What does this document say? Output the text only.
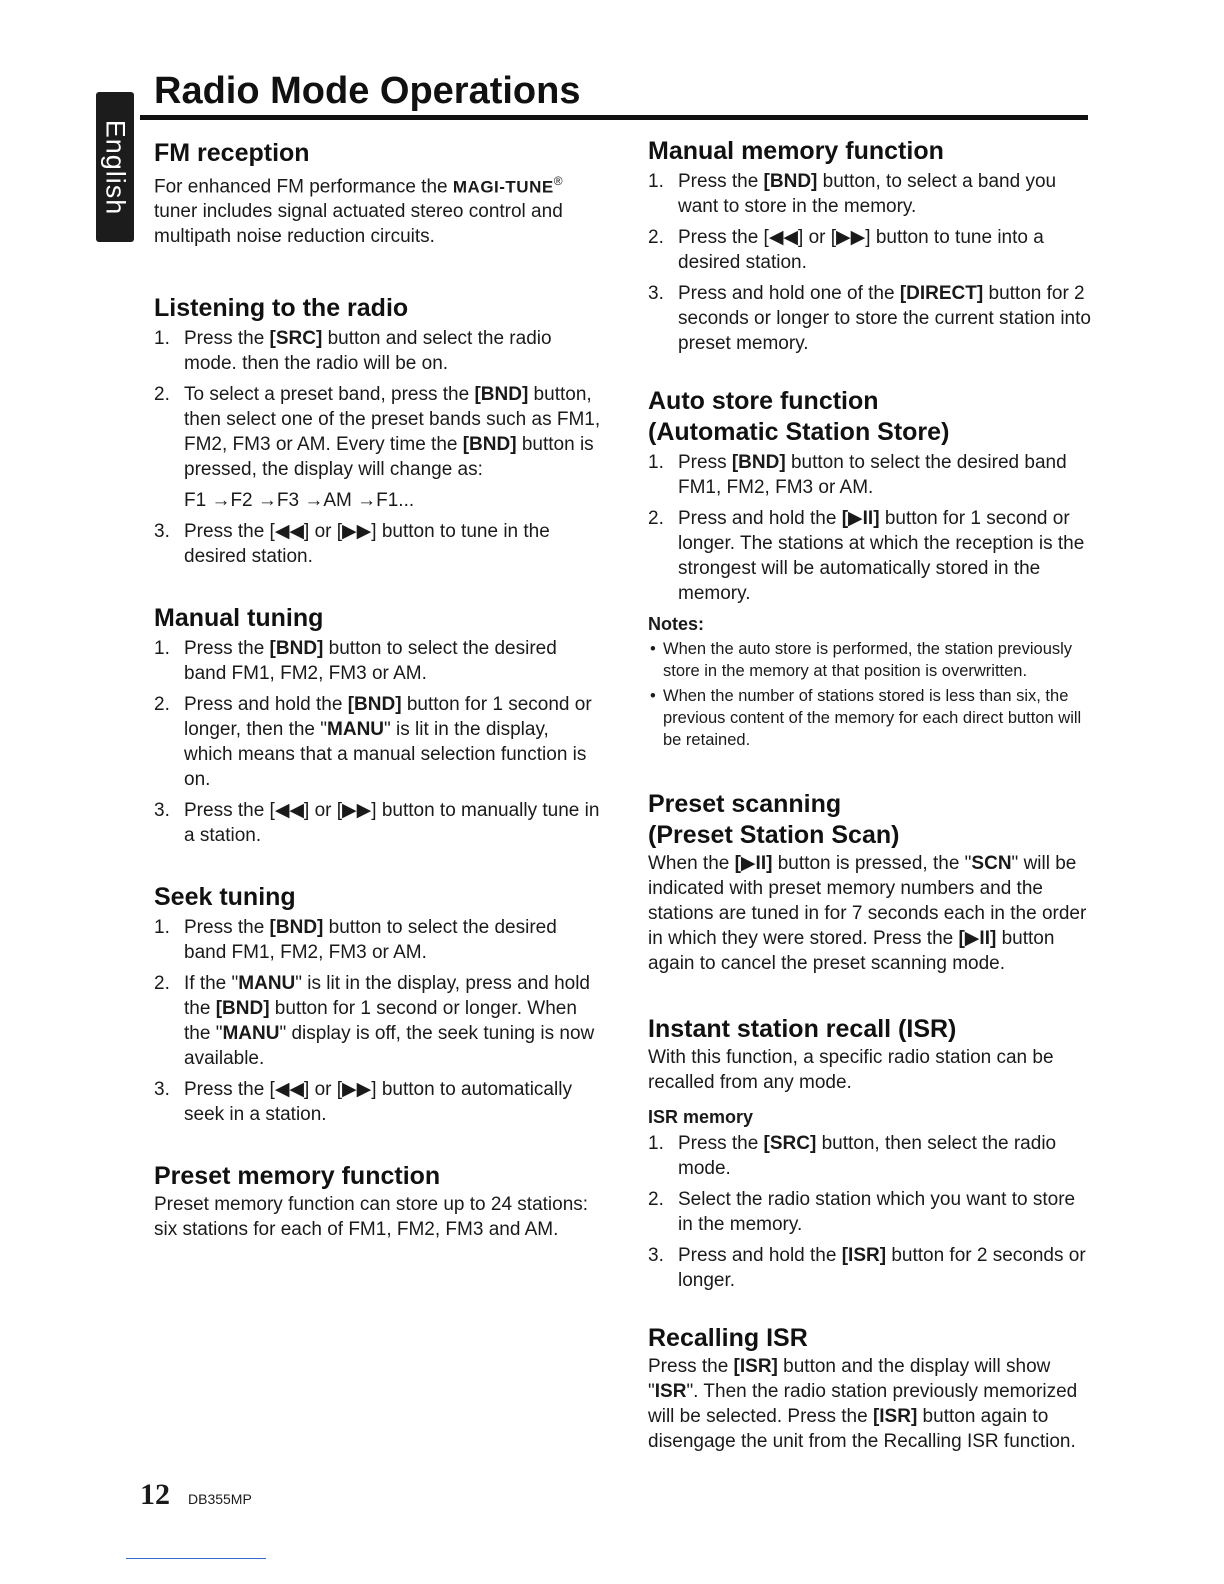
English
Radio Mode Operations
FM reception

For enhanced FM performance the MAGI-TUNE® tuner includes signal actuated stereo control and multipath noise reduction circuits.

Listening to the radio
1. Press the [SRC] button and select the radio mode. then the radio will be on.
2. To select a preset band, press the [BND] button, then select one of the preset bands such as FM1, FM2, FM3 or AM. Every time the [BND] button is pressed, the display will change as:

F1 →F2 →F3 →AM →F1...

3. Press the [◀◀] or [▶▶] button to tune in the desired station.
Manual tuning
1. Press the [BND] button to select the desired band FM1, FM2, FM3 or AM.
2. Press and hold the [BND] button for 1 second or longer, then the "MANU" is lit in the display, which means that a manual selection function is on.
3. Press the [◀◀] or [▶▶] button to manually tune in a station.
Seek tuning
1. Press the [BND] button to select the desired band FM1, FM2, FM3 or AM.
2. If the "MANU" is lit in the display, press and hold the [BND] button for 1 second or longer. When the "MANU" display is off, the seek tuning is now available.
3. Press the [◀◀] or [▶▶] button to automatically seek in a station.
Preset memory function

Preset memory function can store up to 24 stations: six stations for each of FM1, FM2, FM3 and AM.

Manual memory function
1. Press the [BND] button, to select a band you want to store in the memory.
2. Press the [◀◀] or [▶▶] button to tune into a desired station.
3. Press and hold one of the [DIRECT] button for 2 seconds or longer to store the current station into preset memory.
Auto store function
(Automatic Station Store)
1. Press [BND] button to select the desired band FM1, FM2, FM3 or AM.
2. Press and hold the [▶II] button for 1 second or longer. The stations at which the reception is the strongest will be automatically stored in the memory.
Notes:
• When the auto store is performed, the station previously store in the memory at that position is overwritten.
• When the number of stations stored is less than six, the previous content of the memory for each direct button will be retained.
Preset scanning
(Preset Station Scan)

When the [▶II] button is pressed, the "SCN" will be indicated with preset memory numbers and the stations are tuned in for 7 seconds each in the order in which they were stored. Press the [▶II] button again to cancel the preset scanning mode.

Instant station recall (ISR)

With this function, a specific radio station can be recalled from any mode.

ISR memory
1. Press the [SRC] button, then select the radio mode.
2. Select the radio station which you want to store in the memory.
3. Press and hold the [ISR] button for 2 seconds or longer.
Recalling ISR

Press the [ISR] button and the display will show "ISR". Then the radio station previously memorized will be selected. Press the [ISR] button again to disengage the unit from the Recalling ISR function.

12 DB355MP
